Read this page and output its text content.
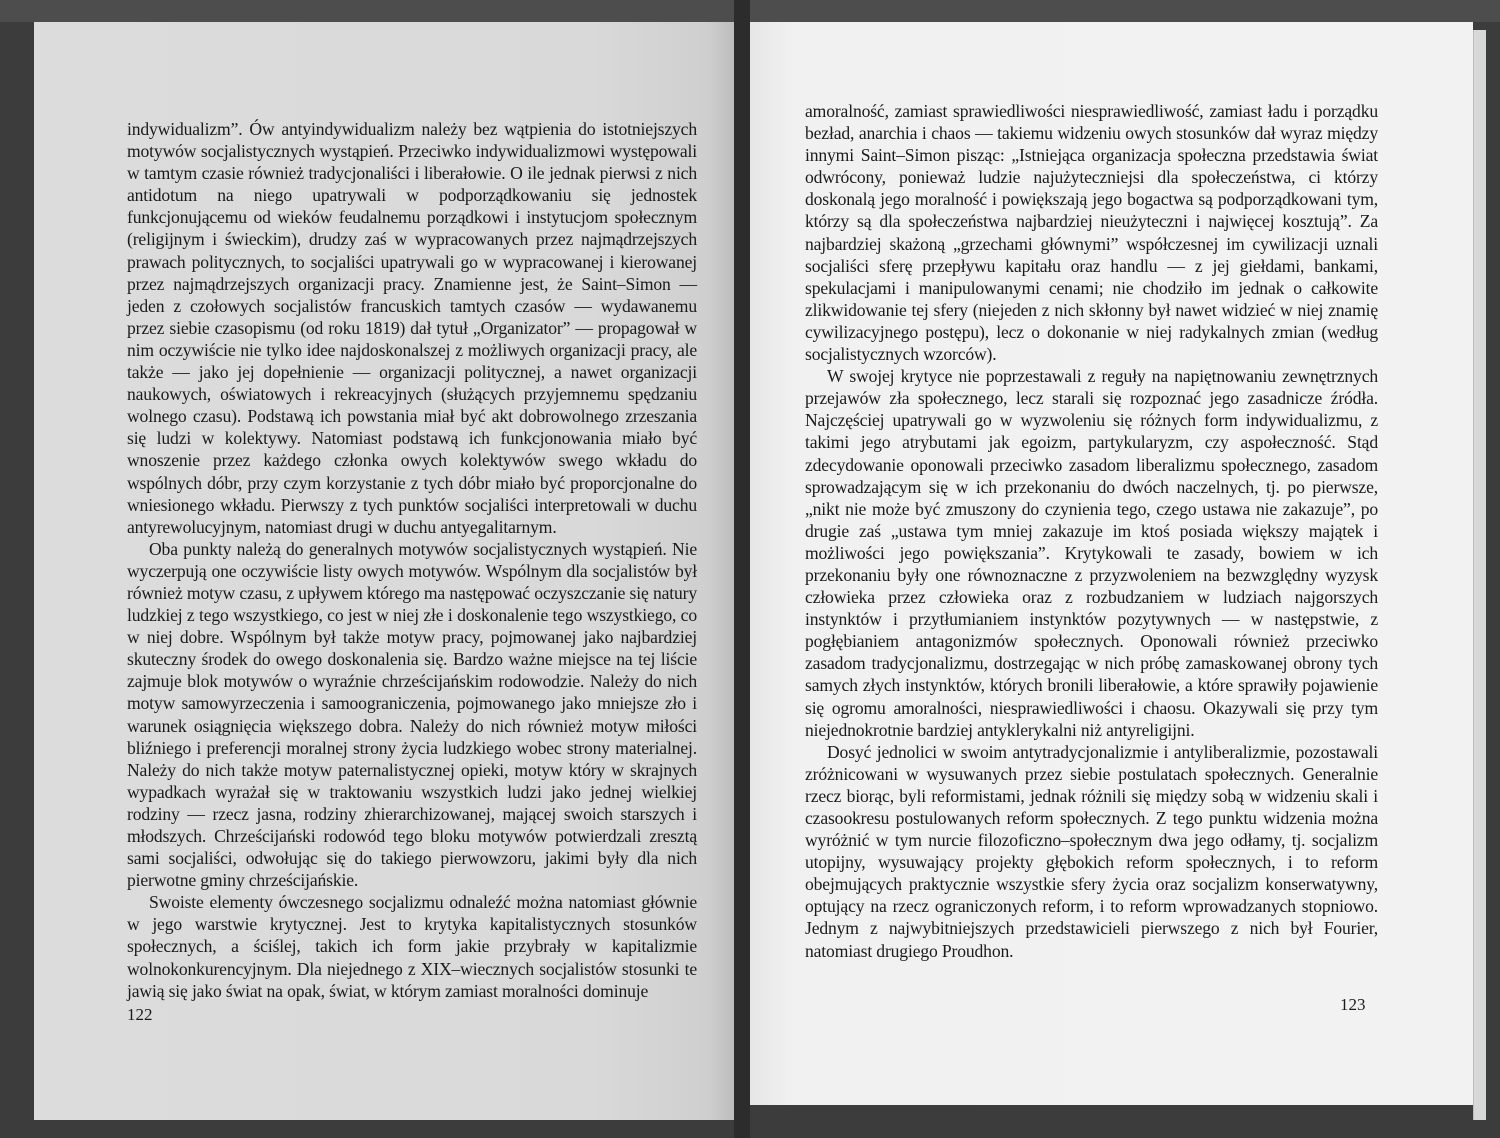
indywidualizm”. Ów antyindywidualizm należy bez wątpienia do istotniejszych motywów socjalistycznych wystąpień. Przeciwko indywidualizmowi występowali w tamtym czasie również tradycjonaliści i liberałowie. O ile jednak pierwsi z nich antidotum na niego upatrywali w podporządkowaniu się jednostek funkcjonującemu od wieków feudalnemu porządkowi i instytucjom społecznym (religijnym i świeckim), drudzy zaś w wypracowanych przez najmądrzejszych prawach politycznych, to socjaliści upatrywali go w wypracowanej i kierowanej przez najmądrzejszych organizacji pracy. Znamienne jest, że Saint–Simon — jeden z czołowych socjalistów francuskich tamtych czasów — wydawanemu przez siebie czasopismu (od roku 1819) dał tytuł „Organizator” — propagował w nim oczywiście nie tylko idee najdoskonalszej z możliwych organizacji pracy, ale także — jako jej dopełnienie — organizacji politycznej, a nawet organizacji naukowych, oświatowych i rekreacyjnych (służących przyjemnemu spędzaniu wolnego czasu). Podstawą ich powstania miał być akt dobrowolnego zrzeszania się ludzi w kolektywy. Natomiast podstawą ich funkcjonowania miało być wnoszenie przez każdego członka owych kolektywów swego wkładu do wspólnych dóbr, przy czym korzystanie z tych dóbr miało być proporcjonalne do wniesionego wkładu. Pierwszy z tych punktów socjaliści interpretowali w duchu antyrewolucyjnym, natomiast drugi w duchu antyegalitarnym.

Oba punkty należą do generalnych motywów socjalistycznych wystąpień. Nie wyczerpują one oczywiście listy owych motywów. Wspólnym dla socjalistów był również motyw czasu, z upływem którego ma następować oczyszczanie się natury ludzkiej z tego wszystkiego, co jest w niej złe i doskonalenie tego wszystkiego, co w niej dobre. Wspólnym był także motyw pracy, pojmowanej jako najbardziej skuteczny środek do owego doskonalenia się. Bardzo ważne miejsce na tej liście zajmuje blok motywów o wyraźnie chrześcijańskim rodowodzie. Należy do nich motyw samowyrzeczenia i samoograniczenia, pojmowanego jako mniejsze zło i warunek osiągnięcia większego dobra. Należy do nich również motyw miłości bliźniego i preferencji moralnej strony życia ludzkiego wobec strony materialnej. Należy do nich także motyw paternalistycznej opieki, motyw który w skrajnych wypadkach wyrażał się w traktowaniu wszystkich ludzi jako jednej wielkiej rodziny — rzecz jasna, rodziny zhierarchizowanej, mającej swoich starszych i młodszych. Chrześcijański rodowód tego bloku motywów potwierdzali zresztą sami socjaliści, odwołując się do takiego pierwowzoru, jakimi były dla nich pierwotne gminy chrześcijańskie.

Swoiste elementy ówczesnego socjalizmu odnaleźć można natomiast głównie w jego warstwie krytycznej. Jest to krytyka kapitalistycznych stosunków społecznych, a ściślej, takich ich form jakie przybrały w kapitalizmie wolnokonkurencyjnym. Dla niejednego z XIX–wiecznych socjalistów stosunki te jawią się jako świat na opak, świat, w którym zamiast moralności dominuje

122

amoralność, zamiast sprawiedliwości niesprawiedliwość, zamiast ładu i porządku bezład, anarchia i chaos — takiemu widzeniu owych stosunków dał wyraz między innymi Saint–Simon pisząc: „Istniejąca organizacja społeczna przedstawia świat odwrócony, ponieważ ludzie najużyteczniejsi dla społeczeństwa, ci którzy doskonalą jego moralność i powiększają jego bogactwa są podporządkowani tym, którzy są dla społeczeństwa najbardziej nieużyteczni i najwięcej kosztują”. Za najbardziej skażoną „grzechami głównymi” współczesnej im cywilizacji uznali socjaliści sferę przepływu kapitału oraz handlu — z jej giełdami, bankami, spekulacjami i manipulowanymi cenami; nie chodziło im jednak o całkowite zlikwidowanie tej sfery (niejeden z nich skłonny był nawet widzieć w niej znamię cywilizacyjnego postępu), lecz o dokonanie w niej radykalnych zmian (według socjalistycznych wzorców).

W swojej krytyce nie poprzestawali z reguły na napiętnowaniu zewnętrznych przejawów zła społecznego, lecz starali się rozpoznać jego zasadnicze źródła. Najczęściej upatrywali go w wyzwoleniu się różnych form indywidualizmu, z takimi jego atrybutami jak egoizm, partykularyzm, czy aspołeczność. Stąd zdecydowanie oponowali przeciwko zasadom liberalizmu społecznego, zasadom sprowadzającym się w ich przekonaniu do dwóch naczelnych, tj. po pierwsze, „nikt nie może być zmuszony do czynienia tego, czego ustawa nie zakazuje”, po drugie zaś „ustawa tym mniej zakazuje im ktoś posiada większy majątek i możliwości jego powiększania”. Krytykowali te zasady, bowiem w ich przekonaniu były one równoznaczne z przyzwoleniem na bezwzględny wyzysk człowieka przez człowieka oraz z rozbudzaniem w ludziach najgorszych instynktów i przytłumianiem instynktów pozytywnych — w następstwie, z pogłębianiem antagonizmów społecznych. Oponowali również przeciwko zasadom tradycjonalizmu, dostrzegając w nich próbę zamaskowanej obrony tych samych złych instynktów, których bronili liberałowie, a które sprawiły pojawienie się ogromu amoralności, niesprawiedliwości i chaosu. Okazywali się przy tym niejednokrotnie bardziej antyklerykalni niż antyreligijni.

Dosyć jednolici w swoim antytradycjonalizmie i antyliberalizmie, pozostawali zróżnicowani w wysuwanych przez siebie postulatach społecznych. Generalnie rzecz biorąc, byli reformistami, jednak różnili się między sobą w widzeniu skali i czasookresu postulowanych reform społecznych. Z tego punktu widzenia można wyróżnić w tym nurcie filozoficzno–społecznym dwa jego odłamy, tj. socjalizm utopijny, wysuwający projekty głębokich reform społecznych, i to reform obejmujących praktycznie wszystkie sfery życia oraz socjalizm konserwatywny, optujący na rzecz ograniczonych reform, i to reform wprowadzanych stopniowo. Jednym z najwybitniejszych przedstawicieli pierwszego z nich był Fourier, natomiast drugiego Proudhon.

123
